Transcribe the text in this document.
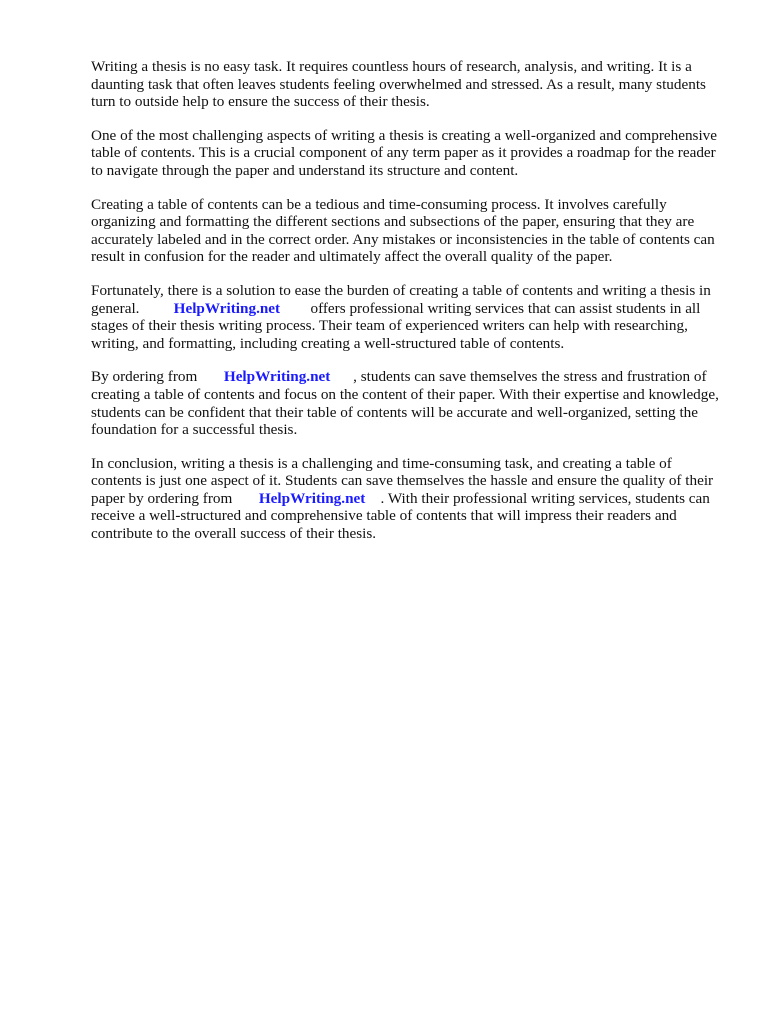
Writing a thesis is no easy task. It requires countless hours of research, analysis, and writing. It is a daunting task that often leaves students feeling overwhelmed and stressed. As a result, many students turn to outside help to ensure the success of their thesis.

One of the most challenging aspects of writing a thesis is creating a well-organized and comprehensive table of contents. This is a crucial component of any term paper as it provides a roadmap for the reader to navigate through the paper and understand its structure and content.

Creating a table of contents can be a tedious and time-consuming process. It involves carefully organizing and formatting the different sections and subsections of the paper, ensuring that they are accurately labeled and in the correct order. Any mistakes or inconsistencies in the table of contents can result in confusion for the reader and ultimately affect the overall quality of the paper.

Fortunately, there is a solution to ease the burden of creating a table of contents and writing a thesis in general. HelpWriting.net offers professional writing services that can assist students in all stages of their thesis writing process. Their team of experienced writers can help with researching, writing, and formatting, including creating a well-structured table of contents.

By ordering from HelpWriting.net , students can save themselves the stress and frustration of creating a table of contents and focus on the content of their paper. With their expertise and knowledge, students can be confident that their table of contents will be accurate and well-organized, setting the foundation for a successful thesis.

In conclusion, writing a thesis is a challenging and time-consuming task, and creating a table of contents is just one aspect of it. Students can save themselves the hassle and ensure the quality of their paper by ordering from HelpWriting.net . With their professional writing services, students can receive a well-structured and comprehensive table of contents that will impress their readers and contribute to the overall success of their thesis.
